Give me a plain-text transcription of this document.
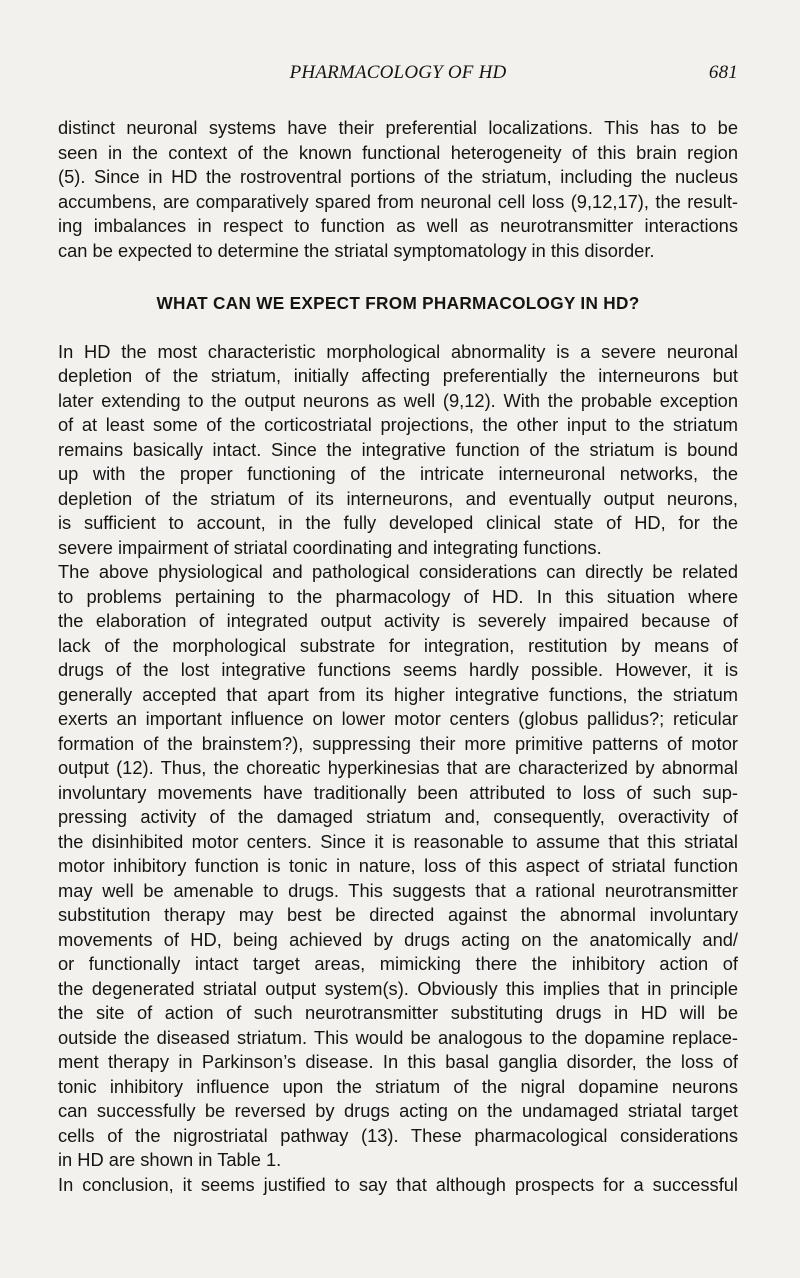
PHARMACOLOGY OF HD	681

distinct neuronal systems have their preferential localizations. This has to be
seen in the context of the known functional heterogeneity of this brain region
(5). Since in HD the rostroventral portions of the striatum, including the nucleus
accumbens, are comparatively spared from neuronal cell loss (9,12,17), the result-
ing imbalances in respect to function as well as neurotransmitter interactions
can be expected to determine the striatal symptomatology in this disorder.

WHAT CAN WE EXPECT FROM PHARMACOLOGY IN HD?

In HD the most characteristic morphological abnormality is a severe neuronal
depletion of the striatum, initially affecting preferentially the interneurons but
later extending to the output neurons as well (9,12). With the probable exception
of at least some of the corticostriatal projections, the other input to the striatum
remains basically intact. Since the integrative function of the striatum is bound
up with the proper functioning of the intricate interneuronal networks, the
depletion of the striatum of its interneurons, and eventually output neurons,
is sufficient to account, in the fully developed clinical state of HD, for the
severe impairment of striatal coordinating and integrating functions.

The above physiological and pathological considerations can directly be related
to problems pertaining to the pharmacology of HD. In this situation where
the elaboration of integrated output activity is severely impaired because of
lack of the morphological substrate for integration, restitution by means of
drugs of the lost integrative functions seems hardly possible. However, it is
generally accepted that apart from its higher integrative functions, the striatum
exerts an important influence on lower motor centers (globus pallidus?; reticular
formation of the brainstem?), suppressing their more primitive patterns of motor
output (12). Thus, the choreatic hyperkinesias that are characterized by abnormal
involuntary movements have traditionally been attributed to loss of such sup-
pressing activity of the damaged striatum and, consequently, overactivity of
the disinhibited motor centers. Since it is reasonable to assume that this striatal
motor inhibitory function is tonic in nature, loss of this aspect of striatal function
may well be amenable to drugs. This suggests that a rational neurotransmitter
substitution therapy may best be directed against the abnormal involuntary
movements of HD, being achieved by drugs acting on the anatomically and/
or functionally intact target areas, mimicking there the inhibitory action of
the degenerated striatal output system(s). Obviously this implies that in principle
the site of action of such neurotransmitter substituting drugs in HD will be
outside the diseased striatum. This would be analogous to the dopamine replace-
ment therapy in Parkinson’s disease. In this basal ganglia disorder, the loss of
tonic inhibitory influence upon the striatum of the nigral dopamine neurons
can successfully be reversed by drugs acting on the undamaged striatal target
cells of the nigrostriatal pathway (13). These pharmacological considerations
in HD are shown in Table 1.

In conclusion, it seems justified to say that although prospects for a successful
